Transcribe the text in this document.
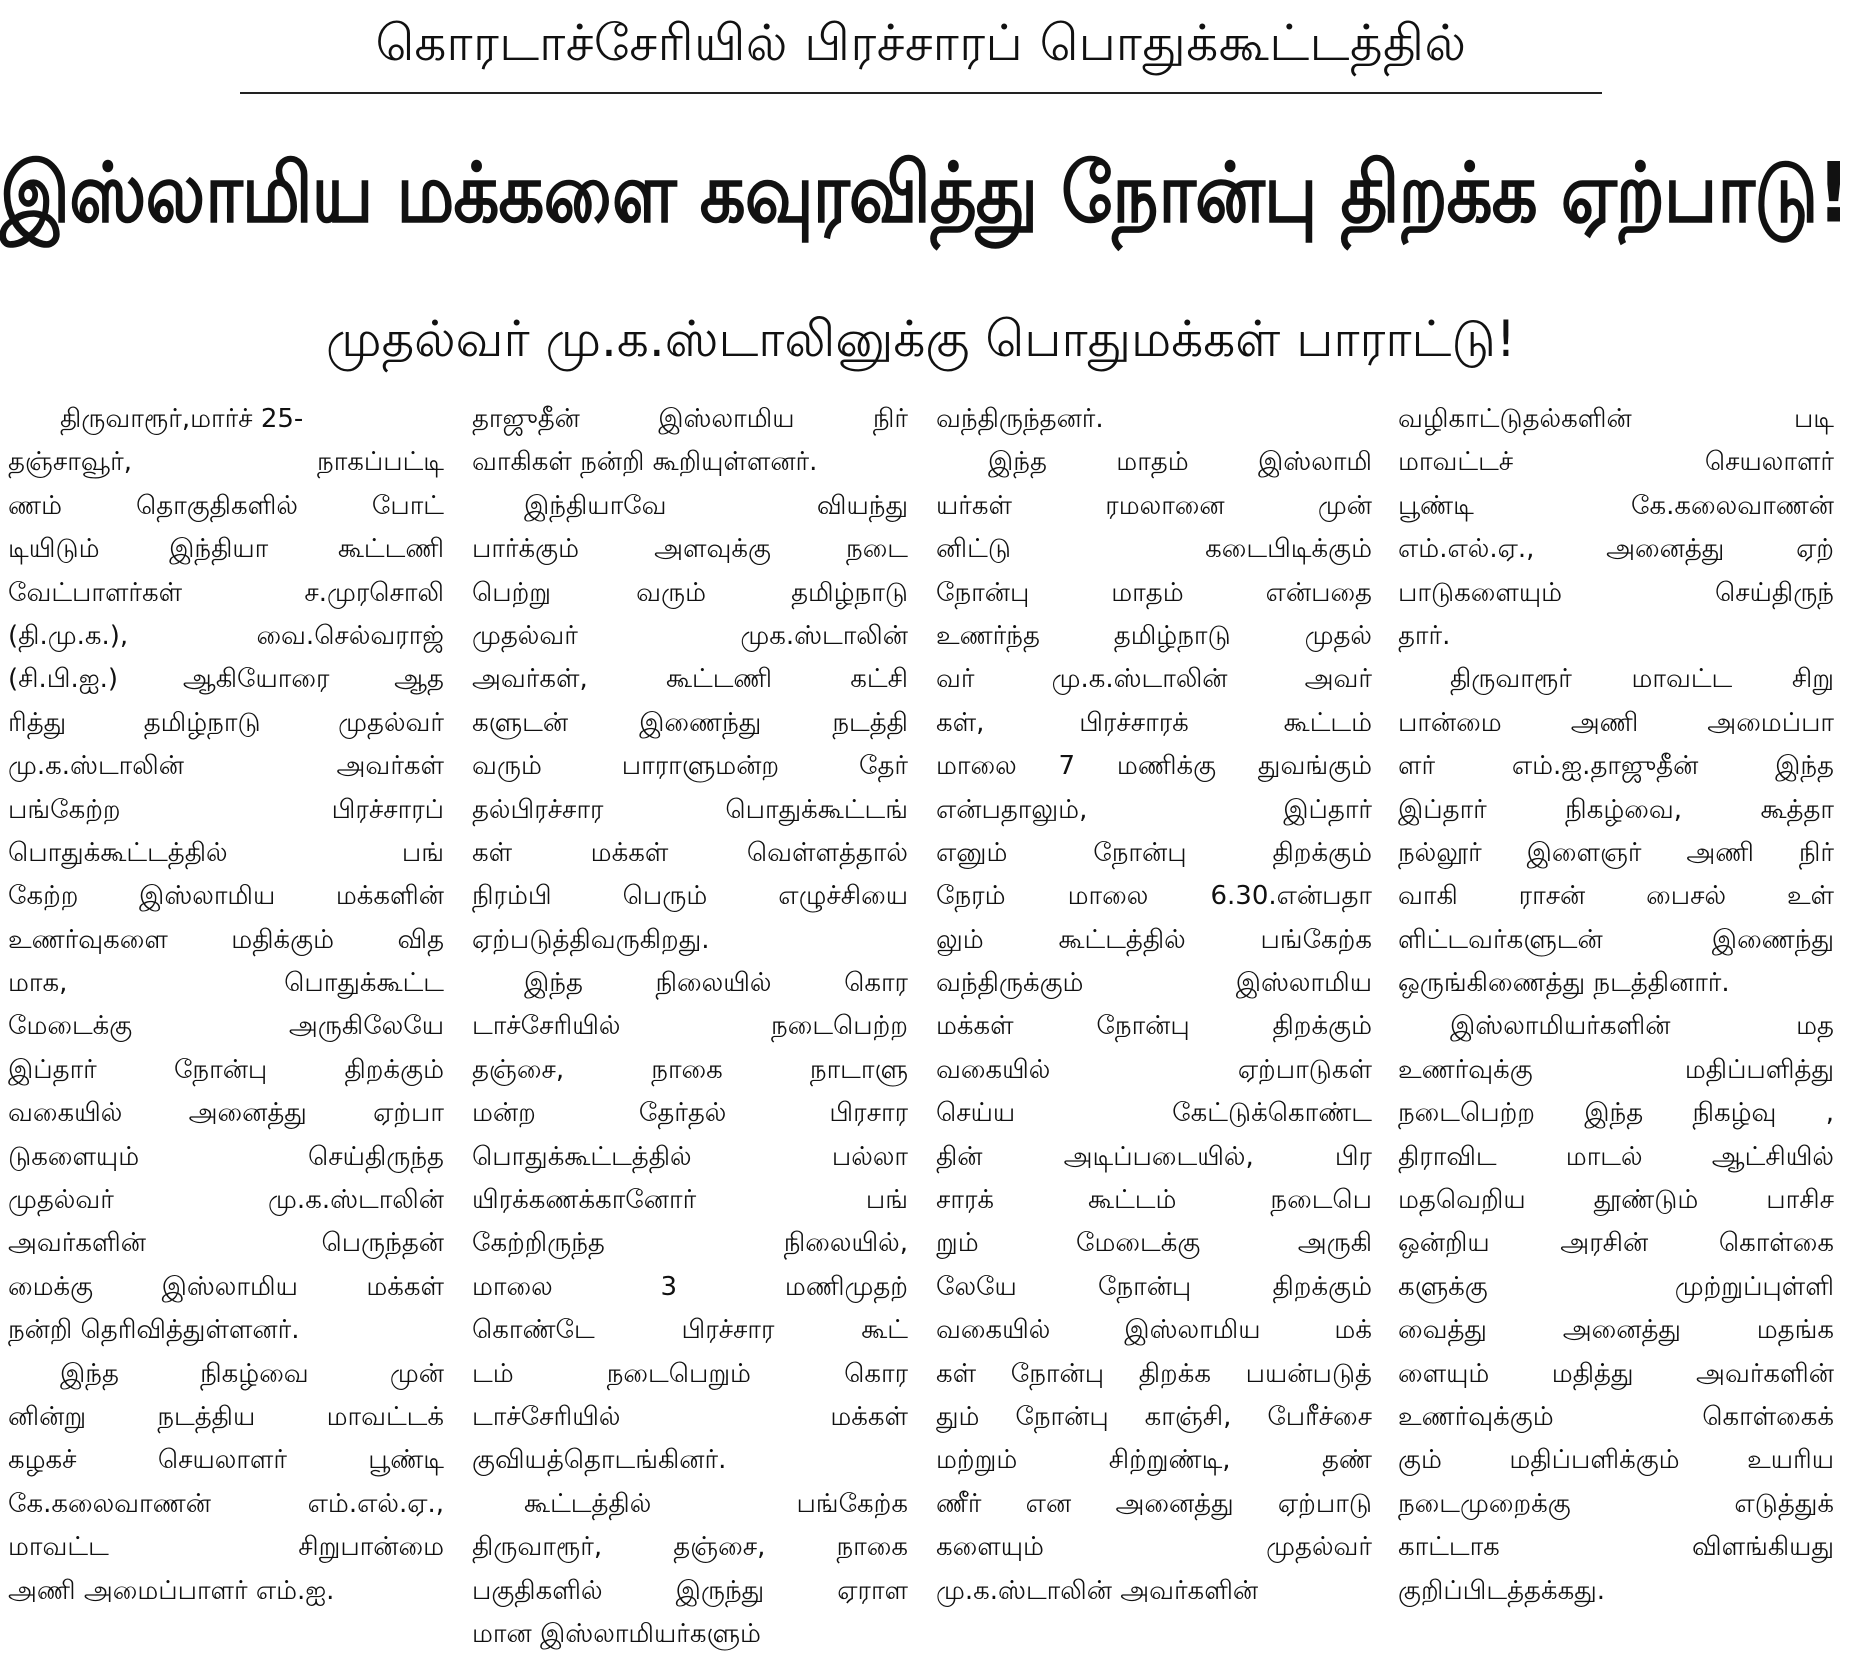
கொரடாச்சேரியில் பிரச்சாரப் பொதுக்கூட்டத்தில்
இஸ்லாமிய மக்களை கவுரவித்து நோன்பு திறக்க ஏற்பாடு!
முதல்வர் மு.க.ஸ்டாலினுக்கு பொதுமக்கள் பாராட்டு!
திருவாரூர்,மார்ச் 25-
தஞ்சாவூர், நாகப்பட்டி
ணம் தொகுதிகளில் போட்
டியிடும் இந்தியா கூட்டணி
வேட்பாளர்கள் ச.முரசொலி
(தி.மு.க.), வை.செல்வராஜ்
(சி.பி.ஐ.) ஆகியோரை ஆத
ரித்து தமிழ்நாடு முதல்வர்
மு.க.ஸ்டாலின் அவர்கள்
பங்கேற்ற பிரச்சாரப்
பொதுக்கூட்டத்தில் பங்
கேற்ற இஸ்லாமிய மக்களின்
உணர்வுகளை மதிக்கும் வித
மாக, பொதுக்கூட்ட
மேடைக்கு அருகிலேயே
இப்தார் நோன்பு திறக்கும்
வகையில் அனைத்து ஏற்பா
டுகளையும் செய்திருந்த
முதல்வர் மு.க.ஸ்டாலின்
அவர்களின் பெருந்தன்
மைக்கு இஸ்லாமிய மக்கள்
நன்றி தெரிவித்துள்ளனர்.
இந்த நிகழ்வை முன்
னின்று நடத்திய மாவட்டக்
கழகச் செயலாளர் பூண்டி
கே.கலைவாணன் எம்.எல்.ஏ.,
மாவட்ட சிறுபான்மை
அணி அமைப்பாளர் எம்.ஐ.
தாஜுதீன் இஸ்லாமிய நிர்
வாகிகள் நன்றி கூறியுள்ளனர்.
இந்தியாவே வியந்து
பார்க்கும் அளவுக்கு நடை
பெற்று வரும் தமிழ்நாடு
முதல்வர் முக.ஸ்டாலின்
அவர்கள், கூட்டணி கட்சி
களுடன் இணைந்து நடத்தி
வரும் பாராளுமன்ற தேர்
தல்பிரச்சார பொதுக்கூட்டங்
கள் மக்கள் வெள்ளத்தால்
நிரம்பி பெரும் எழுச்சியை
ஏற்படுத்திவருகிறது.
இந்த நிலையில் கொர
டாச்சேரியில் நடைபெற்ற
தஞ்சை, நாகை நாடாளு
மன்ற தேர்தல் பிரசார
பொதுக்கூட்டத்தில் பல்லா
யிரக்கணக்கானோர் பங்
கேற்றிருந்த நிலையில்,
மாலை 3 மணிமுதற்
கொண்டே பிரச்சார கூட்
டம் நடைபெறும் கொர
டாச்சேரியில் மக்கள்
குவியத்தொடங்கினர்.
கூட்டத்தில் பங்கேற்க
திருவாரூர், தஞ்சை, நாகை
பகுதிகளில் இருந்து ஏராள
மான இஸ்லாமியர்களும்
வந்திருந்தனர்.
இந்த மாதம் இஸ்லாமி
யர்கள் ரமலானை முன்
னிட்டு கடைபிடிக்கும்
நோன்பு மாதம் என்பதை
உணர்ந்த தமிழ்நாடு முதல்
வர் மு.க.ஸ்டாலின் அவர்
கள், பிரச்சாரக் கூட்டம்
மாலை 7 மணிக்கு துவங்கும்
என்பதாலும், இப்தார்
எனும் நோன்பு திறக்கும்
நேரம் மாலை 6.30.என்பதா
லும் கூட்டத்தில் பங்கேற்க
வந்திருக்கும் இஸ்லாமிய
மக்கள் நோன்பு திறக்கும்
வகையில் ஏற்பாடுகள்
செய்ய கேட்டுக்கொண்ட
தின் அடிப்படையில், பிர
சாரக் கூட்டம் நடைபெ
றும் மேடைக்கு அருகி
லேயே நோன்பு திறக்கும்
வகையில் இஸ்லாமிய மக்
கள் நோன்பு திறக்க பயன்படுத்
தும் நோன்பு காஞ்சி, பேரீச்சை
மற்றும் சிற்றுண்டி, தண்
ணீர் என அனைத்து ஏற்பாடு
களையும் முதல்வர்
மு.க.ஸ்டாலின் அவர்களின்
வழிகாட்டுதல்களின் படி
மாவட்டச் செயலாளர்
பூண்டி கே.கலைவாணன்
எம்.எல்.ஏ., அனைத்து ஏற்
பாடுகளையும் செய்திருந்
தார்.
திருவாரூர் மாவட்ட சிறு
பான்மை அணி அமைப்பா
ளர் எம்.ஐ.தாஜுதீன் இந்த
இப்தார் நிகழ்வை, கூத்தா
நல்லூர் இளைஞர் அணி நிர்
வாகி ராசன் பைசல் உள்
ளிட்டவர்களுடன் இணைந்து
ஒருங்கிணைத்து நடத்தினார்.
இஸ்லாமியர்களின் மத
உணர்வுக்கு மதிப்பளித்து
நடைபெற்ற இந்த நிகழ்வு ,
திராவிட மாடல் ஆட்சியில்
மதவெறிய தூண்டும் பாசிச
ஒன்றிய அரசின் கொள்கை
களுக்கு முற்றுப்புள்ளி
வைத்து அனைத்து மதங்க
ளையும் மதித்து அவர்களின்
உணர்வுக்கும் கொள்கைக்
கும் மதிப்பளிக்கும் உயரிய
நடைமுறைக்கு எடுத்துக்
காட்டாக விளங்கியது
குறிப்பிடத்தக்கது.
